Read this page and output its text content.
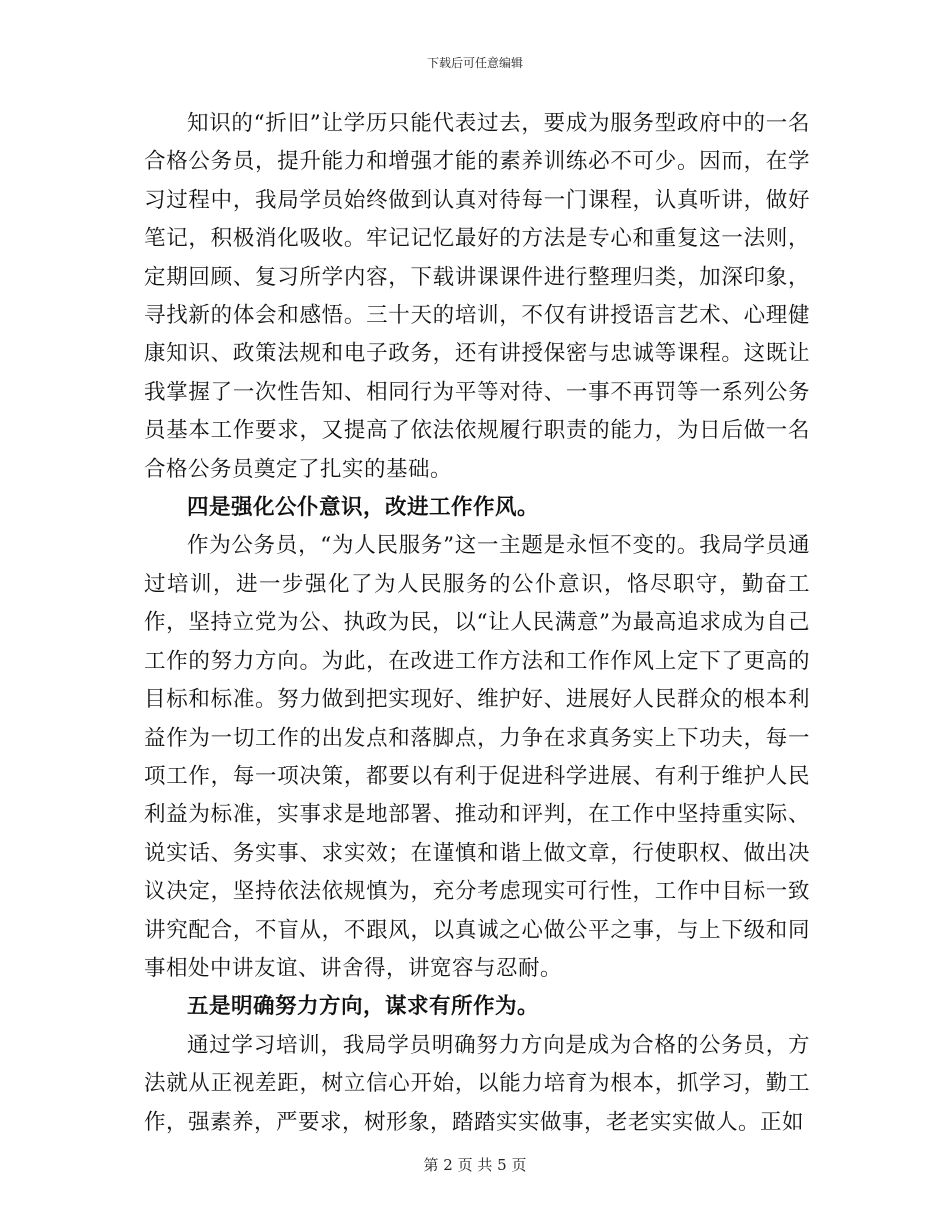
下载后可任意编辑

知识的“折旧”让学历只能代表过去，要成为服务型政府中的一名合格公务员，提升能力和增强才能的素养训练必不可少。因而，在学习过程中，我局学员始终做到认真对待每一门课程，认真听讲，做好笔记，积极消化吸收。牢记记忆最好的方法是专心和重复这一法则，定期回顾、复习所学内容，下载讲课课件进行整理归类，加深印象，寻找新的体会和感悟。三十天的培训，不仅有讲授语言艺术、心理健康知识、政策法规和电子政务，还有讲授保密与忠诚等课程。这既让我掌握了一次性告知、相同行为平等对待、一事不再罚等一系列公务员基本工作要求，又提高了依法依规履行职责的能力，为日后做一名合格公务员奠定了扎实的基础。

四是强化公仆意识，改进工作作风。

作为公务员，“为人民服务”这一主题是永恒不变的。我局学员通过培训，进一步强化了为人民服务的公仆意识，恪尽职守，勤奋工作，坚持立党为公、执政为民，以“让人民满意”为最高追求成为自己工作的努力方向。为此，在改进工作方法和工作作风上定下了更高的目标和标准。努力做到把实现好、维护好、进展好人民群众的根本利益作为一切工作的出发点和落脚点，力争在求真务实上下功夫，每一项工作，每一项决策，都要以有利于促进科学进展、有利于维护人民利益为标准，实事求是地部署、推动和评判，在工作中坚持重实际、说实话、务实事、求实效；在谨慎和谐上做文章，行使职权、做出决议决定，坚持依法依规慎为，充分考虑现实可行性，工作中目标一致讲究配合，不盲从，不跟风，以真诚之心做公平之事，与上下级和同事相处中讲友谊、讲舍得，讲宽容与忍耐。

五是明确努力方向，谋求有所作为。

通过学习培训，我局学员明确努力方向是成为合格的公务员，方法就从正视差距，树立信心开始，以能力培育为根本，抓学习，勤工作，强素养，严要求，树形象，踏踏实实做事，老老实实做人。正如

第 2 页 共 5 页
